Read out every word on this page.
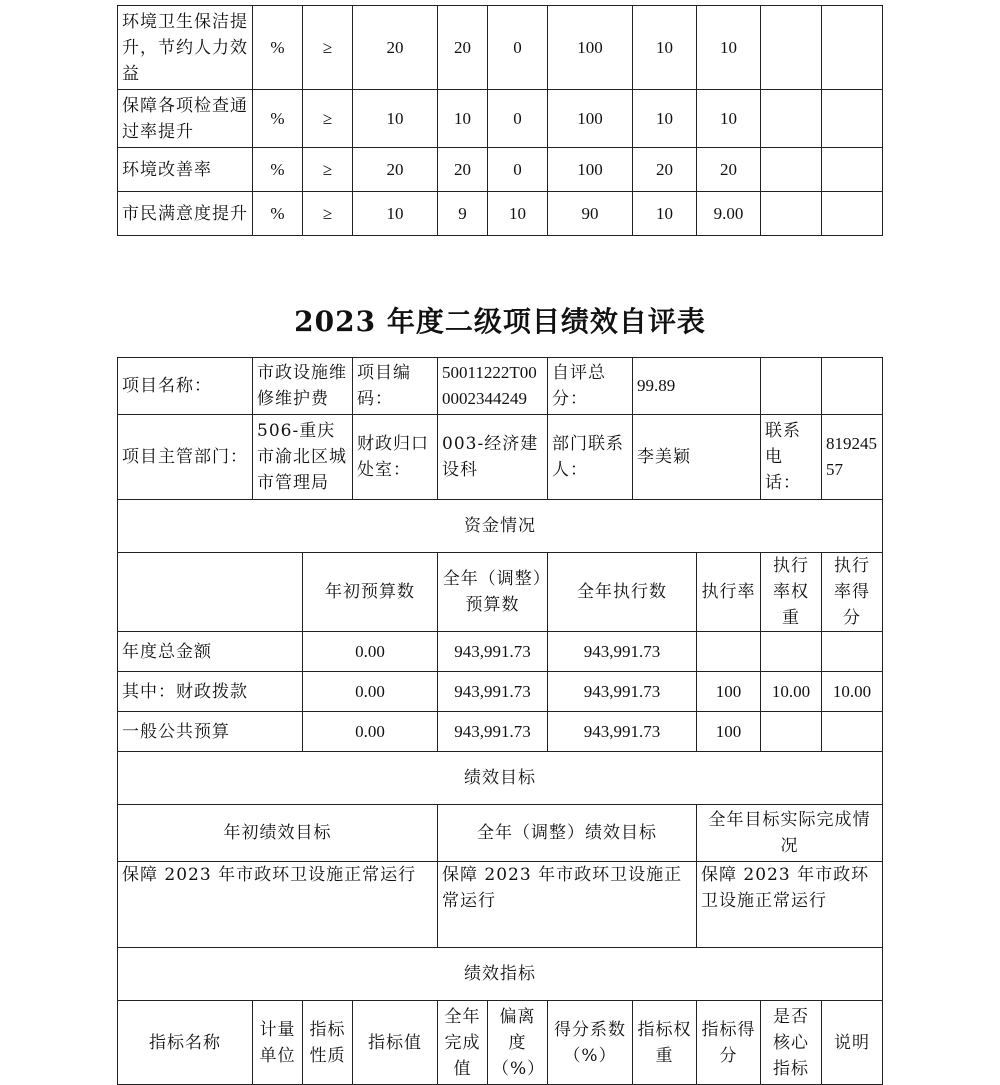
环境卫生保洁提升，节约人力效益	%	≥	20	20	0	100	10	10		
保障各项检查通过率提升	%	≥	10	10	0	100	10	10		
环境改善率	%	≥	20	20	0	100	20	20		
市民满意度提升	%	≥	10	9	10	90	10	9.00		
2023 年度二级项目绩效自评表
项目名称：	市政设施维修维护费		项目编码：	50011222T000002344249		自评总分：	99.89			
项目主管部门：	506-重庆市渝北区城市管理局		财政归口处室：	003-经济建设科		部门联系人：	李美颖		联系电话：	81924557
资金情况										
		年初预算数		全年（调整）预算数		全年执行数		执行率	执行率权重	执行率得分
年度总金额		0.00		943,991.73		943,991.73				
其中：财政拨款		0.00		943,991.73		943,991.73		100	10.00	10.00
一般公共预算		0.00		943,991.73		943,991.73		100		
绩效目标										
年初绩效目标				全年（调整）绩效目标				全年目标实际完成情况		
保障 2023 年市政环卫设施正常运行				保障 2023 年市政环卫设施正常运行				保障 2023 年市政环卫设施正常运行		
绩效指标										
指标名称	计量单位	指标性质	指标值	全年完成值	偏离度（%）	得分系数（%）	指标权重	指标得分	是否核心指标	说明
